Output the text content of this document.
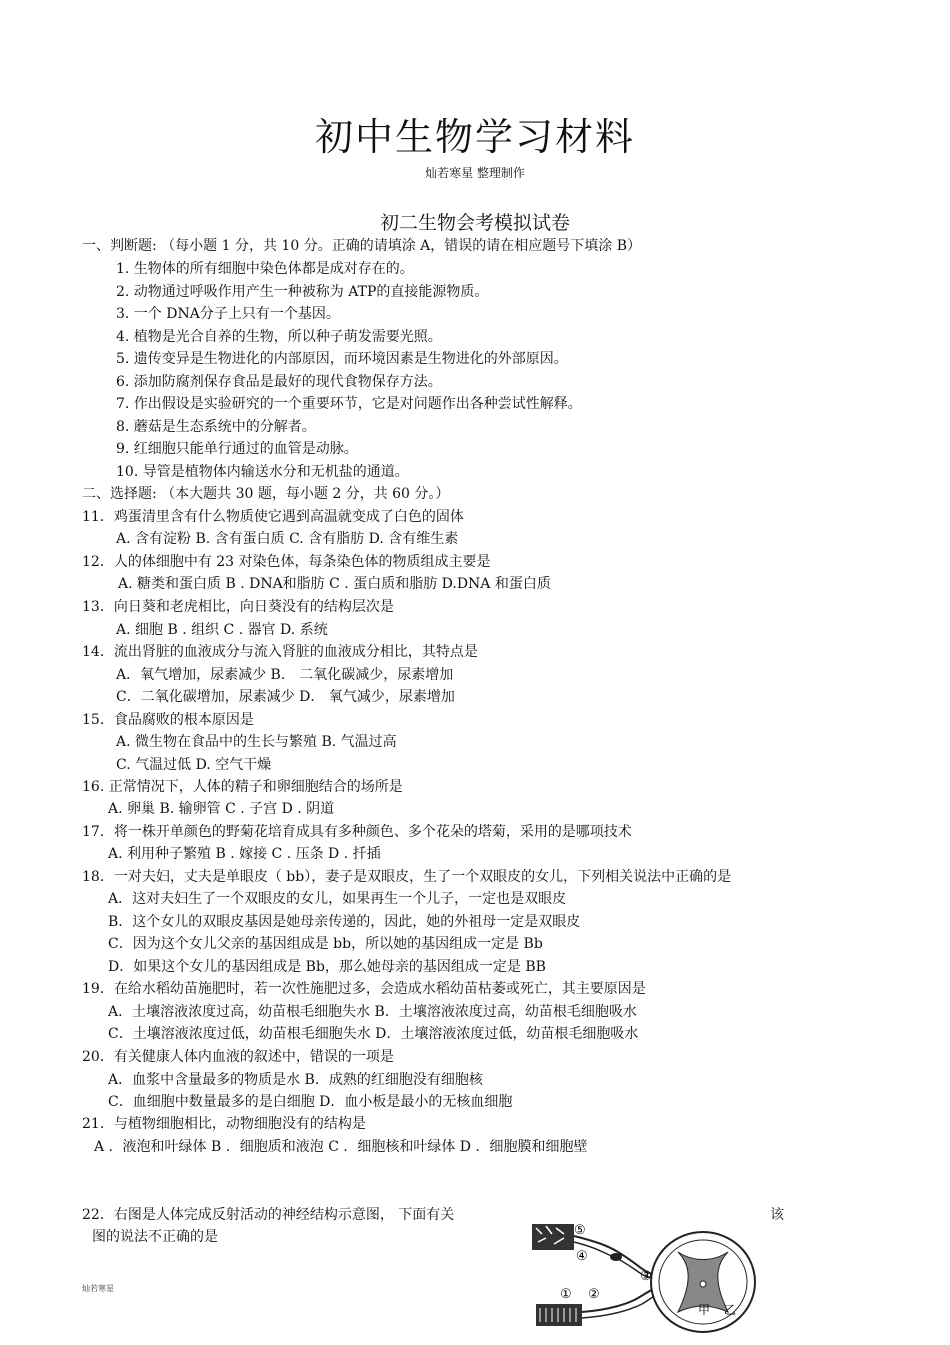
初中生物学习材料
灿若寒星 整理制作
初二生物会考模拟试卷
一、判断题: （每小题 1 分，共 10 分。正确的请填涂 A，错误的请在相应题号下填涂 B）
1. 生物体的所有细胞中染色体都是成对存在的。
2. 动物通过呼吸作用产生一种被称为 ATP的直接能源物质。
3. 一个 DNA分子上只有一个基因。
4. 植物是光合自养的生物，所以种子萌发需要光照。
5. 遗传变异是生物进化的内部原因，而环境因素是生物进化的外部原因。
6. 添加防腐剂保存食品是最好的现代食物保存方法。
7. 作出假设是实验研究的一个重要环节，它是对问题作出各种尝试性解释。
8. 蘑菇是生态系统中的分解者。
9. 红细胞只能单行通过的血管是动脉。
10. 导管是植物体内输送水分和无机盐的通道。
二、选择题: （本大题共 30 题，每小题 2 分，共 60 分。）
11．鸡蛋清里含有什么物质使它遇到高温就变成了白色的固体
A. 含有淀粉 B. 含有蛋白质 C. 含有脂肪 D. 含有维生素
12．人的体细胞中有 23 对染色体，每条染色体的物质组成主要是
A. 糖类和蛋白质 B . DNA和脂肪 C . 蛋白质和脂肪 D.DNA 和蛋白质
13．向日葵和老虎相比，向日葵没有的结构层次是
A. 细胞 B . 组织 C . 器官 D. 系统
14．流出肾脏的血液成分与流入肾脏的血液成分相比，其特点是
A．氧气增加，尿素减少 B． 二氧化碳减少，尿素增加
C．二氧化碳增加，尿素减少 D． 氧气减少，尿素增加
15．食品腐败的根本原因是
A. 微生物在食品中的生长与繁殖 B. 气温过高
C. 气温过低 D. 空气干燥
16. 正常情况下，人体的精子和卵细胞结合的场所是
A. 卵巢 B. 输卵管 C . 子宫 D . 阴道
17．将一株开单颜色的野菊花培育成具有多种颜色、多个花朵的塔菊，采用的是哪项技术
A. 利用种子繁殖 B . 嫁接 C . 压条 D . 扦插
18．一对夫妇，丈夫是单眼皮（ bb），妻子是双眼皮，生了一个双眼皮的女儿，下列相关说法中正确的是
A．这对夫妇生了一个双眼皮的女儿，如果再生一个儿子，一定也是双眼皮
B．这个女儿的双眼皮基因是她母亲传递的，因此，她的外祖母一定是双眼皮
C．因为这个女儿父亲的基因组成是 bb，所以她的基因组成一定是 Bb
D．如果这个女儿的基因组成是 Bb，那么她母亲的基因组成一定是 BB
19．在给水稻幼苗施肥时，若一次性施肥过多，会造成水稻幼苗枯萎或死亡，其主要原因是
A．土壤溶液浓度过高，幼苗根毛细胞失水 B．土壤溶液浓度过高，幼苗根毛细胞吸水
C．土壤溶液浓度过低，幼苗根毛细胞失水 D．土壤溶液浓度过低，幼苗根毛细胞吸水
20．有关健康人体内血液的叙述中，错误的一项是
A．血浆中含量最多的物质是水 B．成熟的红细胞没有细胞核
C．血细胞中数量最多的是白细胞 D．血小板是最小的无核血细胞
21．与植物细胞相比，动物细胞没有的结构是
A ．液泡和叶绿体 B ．细胞质和液泡 C ．细胞核和叶绿体 D ．细胞膜和细胞壁
22．右图是人体完成反射活动的神经结构示意图， 下面有关	该
图的说法不正确的是	⑤
④
③
②
①
甲 乙
灿若寒星
